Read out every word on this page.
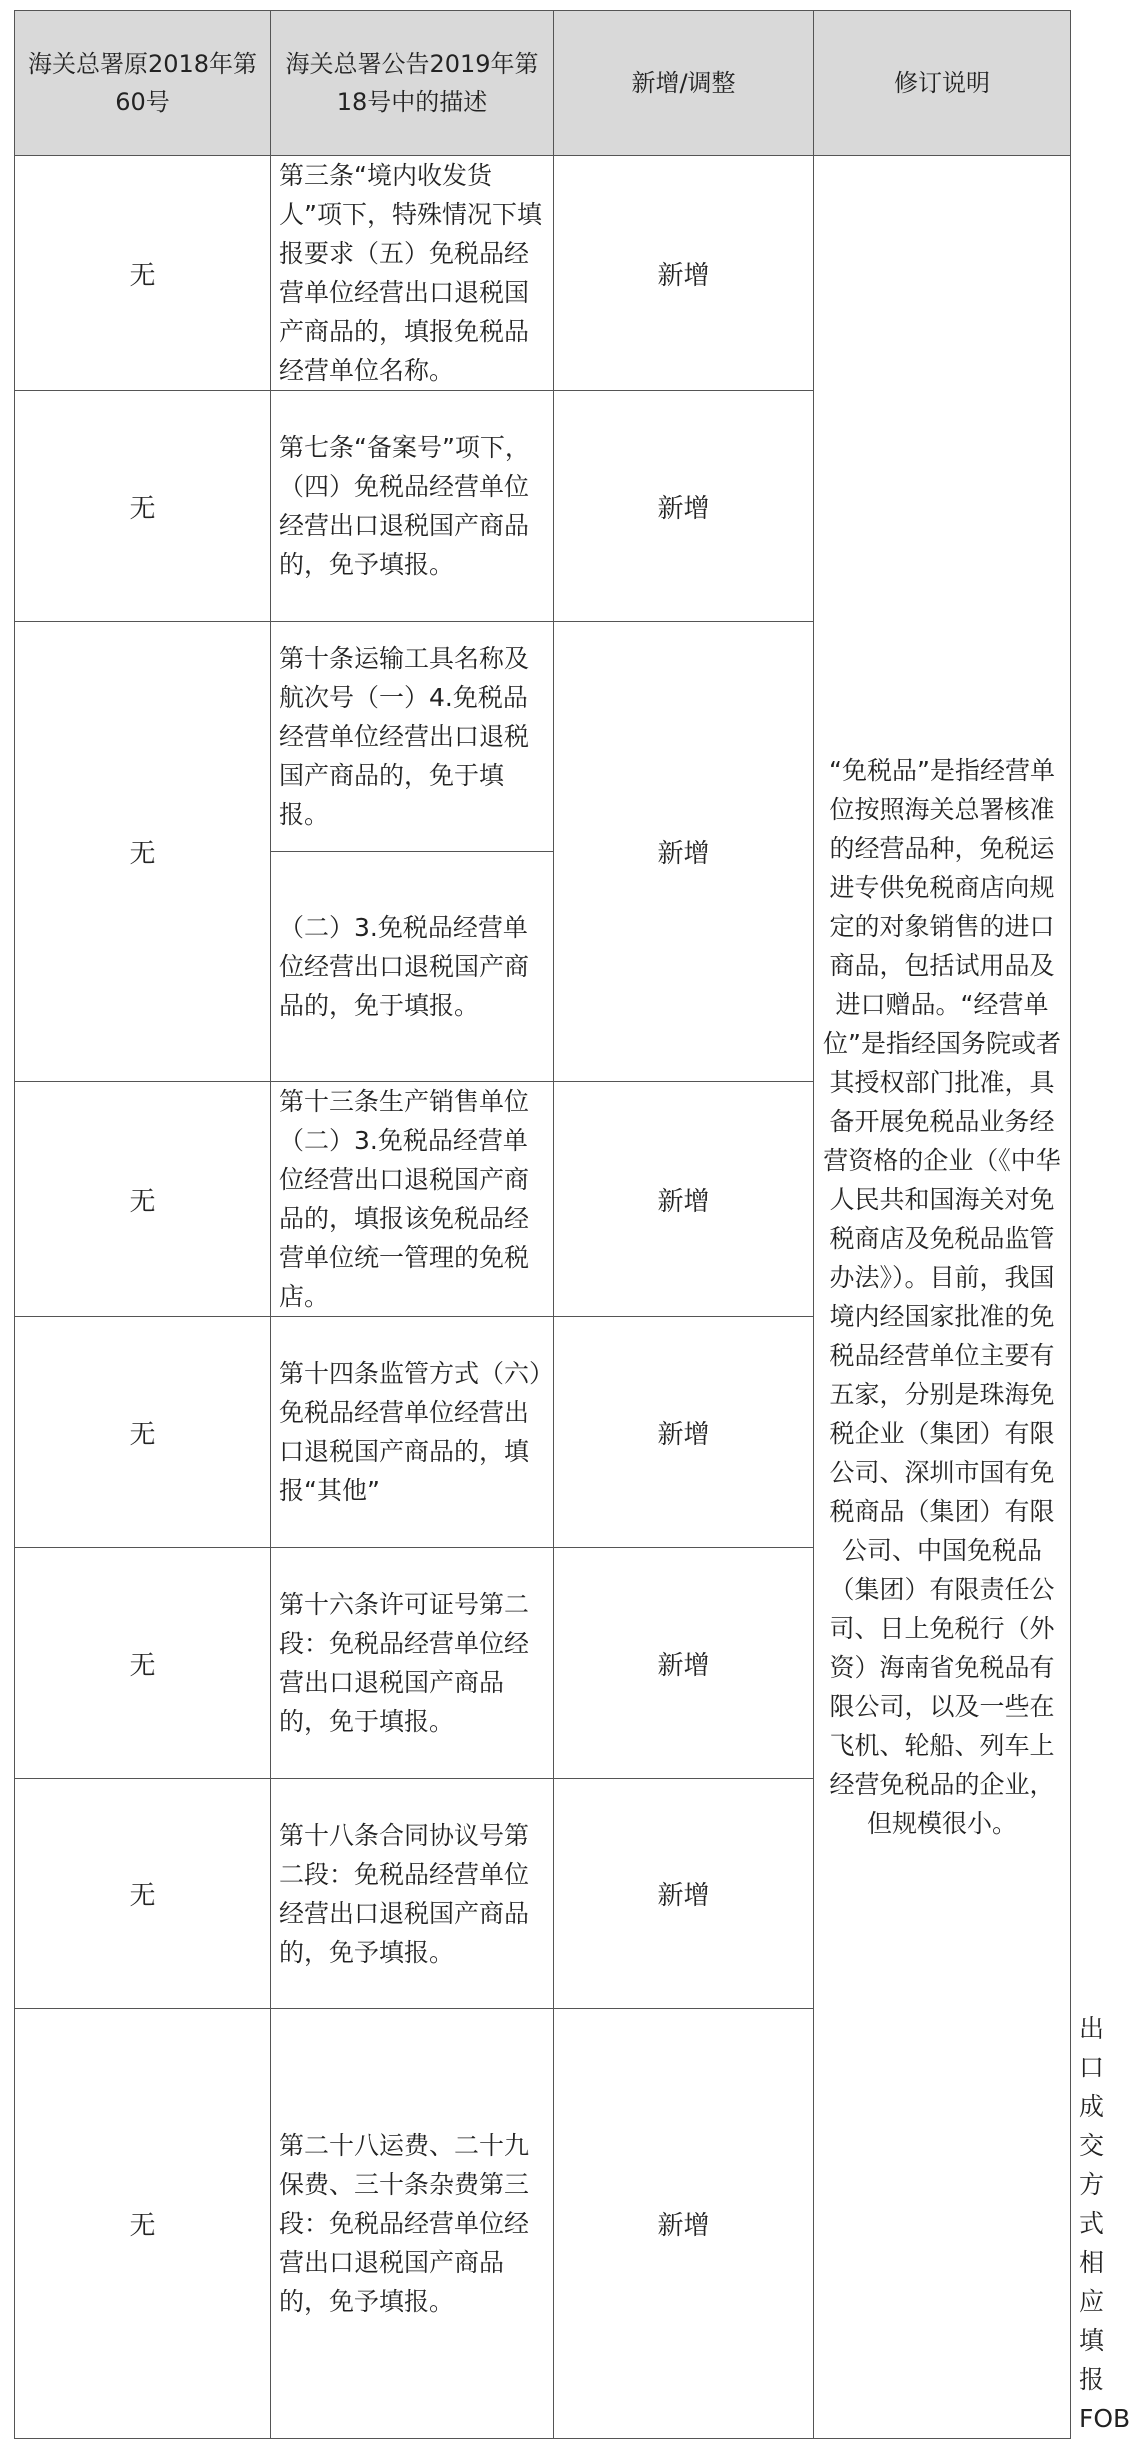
海关总署原2018年第60号	海关总署公告2019年第18号中的描述	新增/调整	修订说明	
无	第三条“境内收发货人”项下，特殊情况下填报要求（五）免税品经营单位经营出口退税国产商品的，填报免税品经营单位名称。	新增	“免税品”是指经营单位按照海关总署核准的经营品种，免税运进专供免税商店向规定的对象销售的进口商品，包括试用品及进口赠品。“经营单位”是指经国务院或者其授权部门批准，具备开展免税品业务经营资格的企业（《中华人民共和国海关对免税商店及免税品监管办法》）。目前，我国境内经国家批准的免税品经营单位主要有五家，分别是珠海免税企业（集团）有限公司、深圳市国有免税商品（集团）有限公司、中国免税品（集团）有限责任公司、日上免税行（外资）海南省免税品有限公司，以及一些在飞机、轮船、列车上经营免税品的企业，但规模很小。	
无	第七条“备案号”项下，（四）免税品经营单位经营出口退税国产商品的，免予填报。	新增		
无	第十条运输工具名称及航次号（一）4.免税品经营单位经营出口退税国产商品的，免于填报。	新增		
	（二）3.免税品经营单位经营出口退税国产商品的，免于填报。			
无	第十三条生产销售单位（二）3.免税品经营单位经营出口退税国产商品的，填报该免税品经营单位统一管理的免税店。	新增		
无	第十四条监管方式（六）免税品经营单位经营出口退税国产商品的，填报“其他”	新增		
无	第十六条许可证号第二段：免税品经营单位经营出口退税国产商品的，免于填报。	新增		
无	第十八条合同协议号第二段：免税品经营单位经营出口退税国产商品的，免予填报。	新增		
无	第二十八运费、二十九保费、三十条杂费第三段：免税品经营单位经营出口退税国产商品的，免予填报。	新增		出口成交方式相应填报 FOB
